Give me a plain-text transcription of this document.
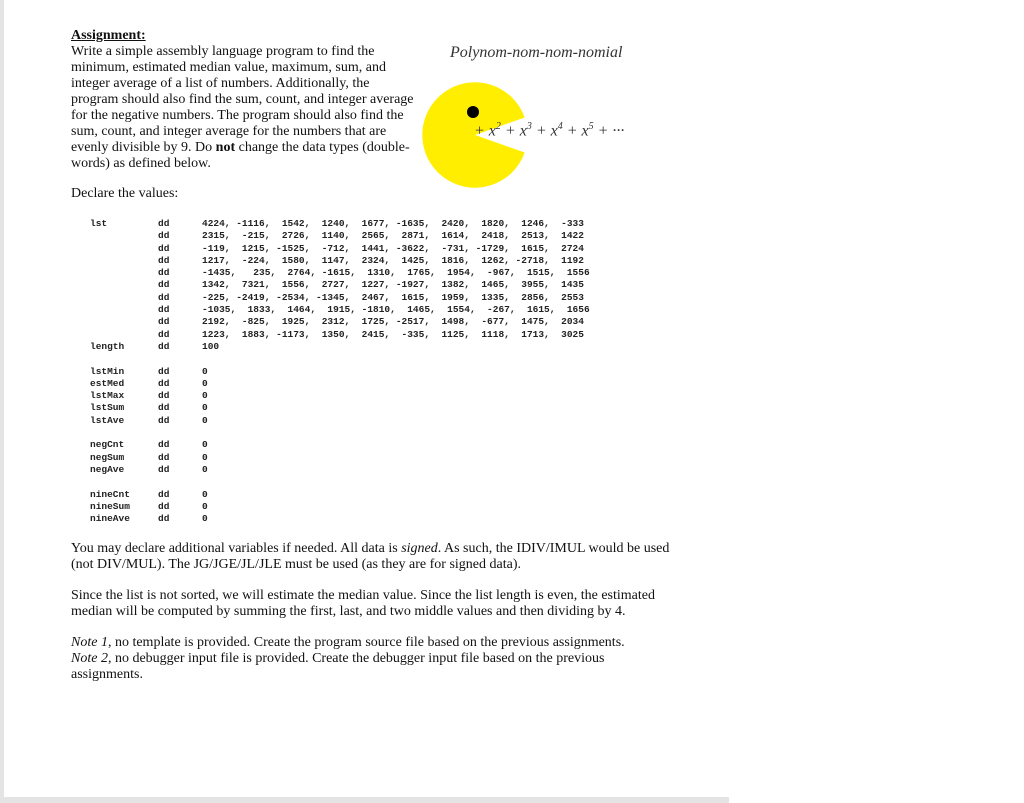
Assignment:
Write a simple assembly language program to find the minimum, estimated median value, maximum, sum, and integer average of a list of numbers. Additionally, the program should also find the sum, count, and integer average for the negative numbers. The program should also find the sum, count, and integer average for the numbers that are evenly divisible by 9. Do not change the data types (double-words) as defined below.
Polynom-nom-nom-nomial
+ $x^2 + x^3 + x^4 + x^5$ + ···
Declare the values:
lst	dd	4224, -1116,  1542,  1240,  1677, -1635,  2420,  1820,  1246,  -333
	dd	2315,  -215,  2726,  1140,  2565,  2871,  1614,  2418,  2513,  1422
	dd	-119,  1215, -1525,  -712,  1441, -3622,  -731, -1729,  1615,  2724
	dd	1217,  -224,  1580,  1147,  2324,  1425,  1816,  1262, -2718,  1192
	dd	-1435,   235,  2764, -1615,  1310,  1765,  1954,  -967,  1515,  1556
	dd	1342,  7321,  1556,  2727,  1227, -1927,  1382,  1465,  3955,  1435
	dd	-225, -2419, -2534, -1345,  2467,  1615,  1959,  1335,  2856,  2553
	dd	-1035,  1833,  1464,  1915, -1810,  1465,  1554,  -267,  1615,  1656
	dd	2192,  -825,  1925,  2312,  1725, -2517,  1498,  -677,  1475,  2034
	dd	1223,  1883, -1173,  1350,  2415,  -335,  1125,  1118,  1713,  3025
length	dd	100

lstMin	dd	0
estMed	dd	0
lstMax	dd	0
lstSum	dd	0
lstAve	dd	0

negCnt	dd	0
negSum	dd	0
negAve	dd	0

nineCnt	dd	0
nineSum	dd	0
nineAve	dd	0

You may declare additional variables if needed. All data is signed. As such, the IDIV/IMUL would be used (not DIV/MUL). The JG/JGE/JL/JLE must be used (as they are for signed data).

Since the list is not sorted, we will estimate the median value. Since the list length is even, the estimated median will be computed by summing the first, last, and two middle values and then dividing by 4.

Note 1, no template is provided. Create the program source file based on the previous assignments.
Note 2, no debugger input file is provided. Create the debugger input file based on the previous assignments.
